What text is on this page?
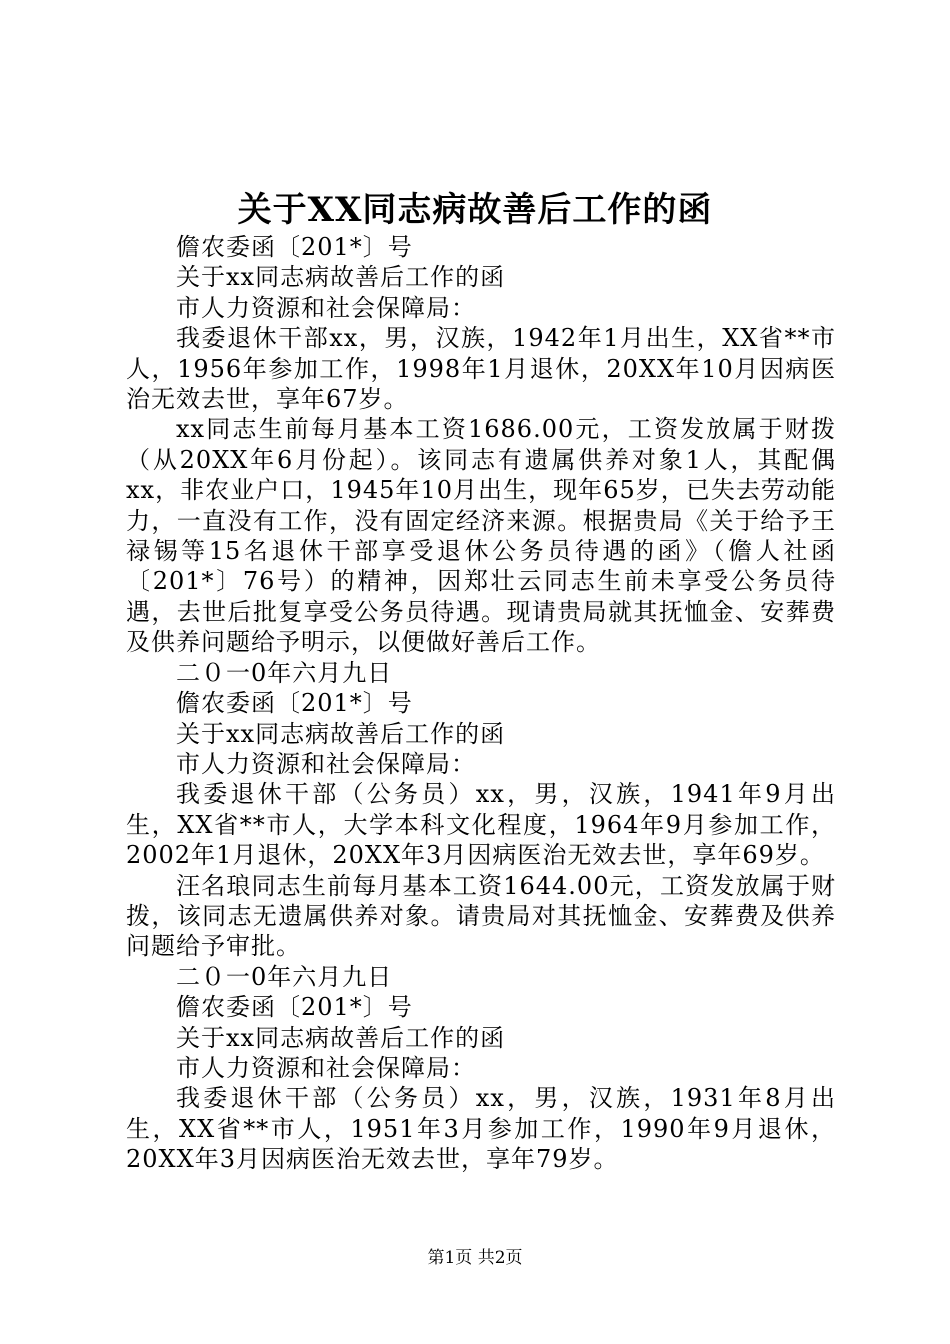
关于XX同志病故善后工作的函
儋农委函〔201*〕号
关于xx同志病故善后工作的函
市人力资源和社会保障局：
我委退休干部xx，男，汉族，1942年1月出生，XX省**市人，1956年参加工作，1998年1月退休，20XX年10月因病医治无效去世，享年67岁。
xx同志生前每月基本工资1686.00元，工资发放属于财拨（从20XX年6月份起）。该同志有遗属供养对象1人，其配偶xx，非农业户口，1945年10月出生，现年65岁，已失去劳动能力，一直没有工作，没有固定经济来源。根据贵局《关于给予王禄锡等15名退休干部享受退休公务员待遇的函》（儋人社函〔201*〕76号）的精神，因郑壮云同志生前未享受公务员待遇，去世后批复享受公务员待遇。现请贵局就其抚恤金、安葬费及供养问题给予明示，以便做好善后工作。
二０一0年六月九日
儋农委函〔201*〕号
关于xx同志病故善后工作的函
市人力资源和社会保障局：
我委退休干部（公务员）xx，男，汉族，1941年9月出生，XX省**市人，大学本科文化程度，1964年9月参加工作，2002年1月退休，20XX年3月因病医治无效去世，享年69岁。
汪名琅同志生前每月基本工资1644.00元，工资发放属于财拨，该同志无遗属供养对象。请贵局对其抚恤金、安葬费及供养问题给予审批。
二０一0年六月九日
儋农委函〔201*〕号
关于xx同志病故善后工作的函
市人力资源和社会保障局：
我委退休干部（公务员）xx，男，汉族，1931年8月出生，XX省**市人，1951年3月参加工作，1990年9月退休，20XX年3月因病医治无效去世，享年79岁。
第1页 共2页
